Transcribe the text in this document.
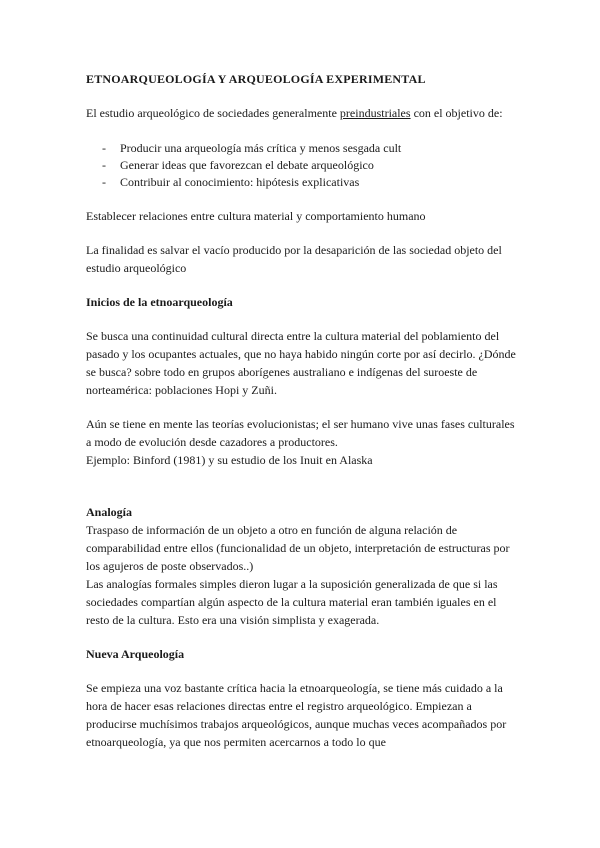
ETNOARQUEOLOGÍA Y ARQUEOLOGÍA EXPERIMENTAL

El estudio arqueológico de sociedades generalmente preindustriales con el objetivo de:

- Producir una arqueología más crítica y menos sesgada cult
- Generar ideas que favorezcan el debate arqueológico
- Contribuir al conocimiento: hipótesis explicativas

Establecer relaciones entre cultura material y comportamiento humano

La finalidad es salvar el vacío producido por la desaparición de las sociedad objeto del estudio arqueológico

Inicios de la etnoarqueología

Se busca una continuidad cultural directa entre la cultura material del poblamiento del pasado y los ocupantes actuales, que no haya habido ningún corte por así decirlo. ¿Dónde se busca? sobre todo en grupos aborígenes australiano e indígenas del suroeste de norteamérica: poblaciones Hopi y Zuñi.

Aún se tiene en mente las teorías evolucionistas; el ser humano vive unas fases culturales a modo de evolución desde cazadores a productores.

Ejemplo: Binford (1981) y su estudio de los Inuit en Alaska

Analogía

Traspaso de información de un objeto a otro en función de alguna relación de comparabilidad entre ellos (funcionalidad de un objeto, interpretación de estructuras por los agujeros de poste observados..)

Las analogías formales simples dieron lugar a la suposición generalizada de que si las sociedades compartían algún aspecto de la cultura material eran también iguales en el resto de la cultura. Esto era una visión simplista y exagerada.

Nueva Arqueología

Se empieza una voz bastante crítica hacia la etnoarqueología, se tiene más cuidado a la hora de hacer esas relaciones directas entre el registro arqueológico. Empiezan a producirse muchísimos trabajos arqueológicos, aunque muchas veces acompañados por etnoarqueología, ya que nos permiten acercarnos a todo lo que
